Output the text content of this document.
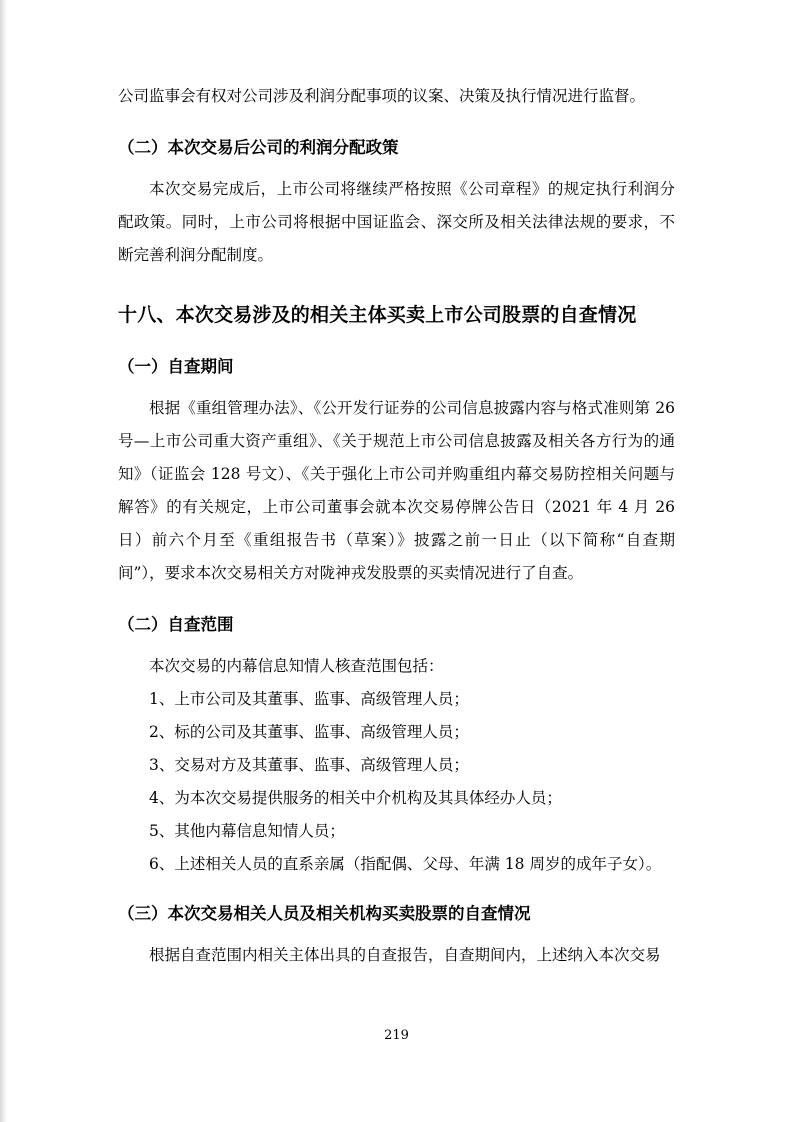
公司监事会有权对公司涉及利润分配事项的议案、决策及执行情况进行监督。

（二）本次交易后公司的利润分配政策

本次交易完成后，上市公司将继续严格按照《公司章程》的规定执行利润分配政策。同时，上市公司将根据中国证监会、深交所及相关法律法规的要求，不断完善利润分配制度。

十八、本次交易涉及的相关主体买卖上市公司股票的自查情况
（一）自查期间

根据《重组管理办法》、《公开发行证券的公司信息披露内容与格式准则第 26 号—上市公司重大资产重组》、《关于规范上市公司信息披露及相关各方行为的通知》（证监会 128 号文）、《关于强化上市公司并购重组内幕交易防控相关问题与解答》的有关规定，上市公司董事会就本次交易停牌公告日（2021 年 4 月 26 日）前六个月至《重组报告书（草案）》披露之前一日止（以下简称“自查期间”），要求本次交易相关方对陇神戎发股票的买卖情况进行了自查。

（二）自查范围

本次交易的内幕信息知情人核查范围包括：

1、上市公司及其董事、监事、高级管理人员；

2、标的公司及其董事、监事、高级管理人员；

3、交易对方及其董事、监事、高级管理人员；

4、为本次交易提供服务的相关中介机构及其具体经办人员；

5、其他内幕信息知情人员；

6、上述相关人员的直系亲属（指配偶、父母、年满 18 周岁的成年子女）。

（三）本次交易相关人员及相关机构买卖股票的自查情况

根据自查范围内相关主体出具的自查报告，自查期间内，上述纳入本次交易

219
